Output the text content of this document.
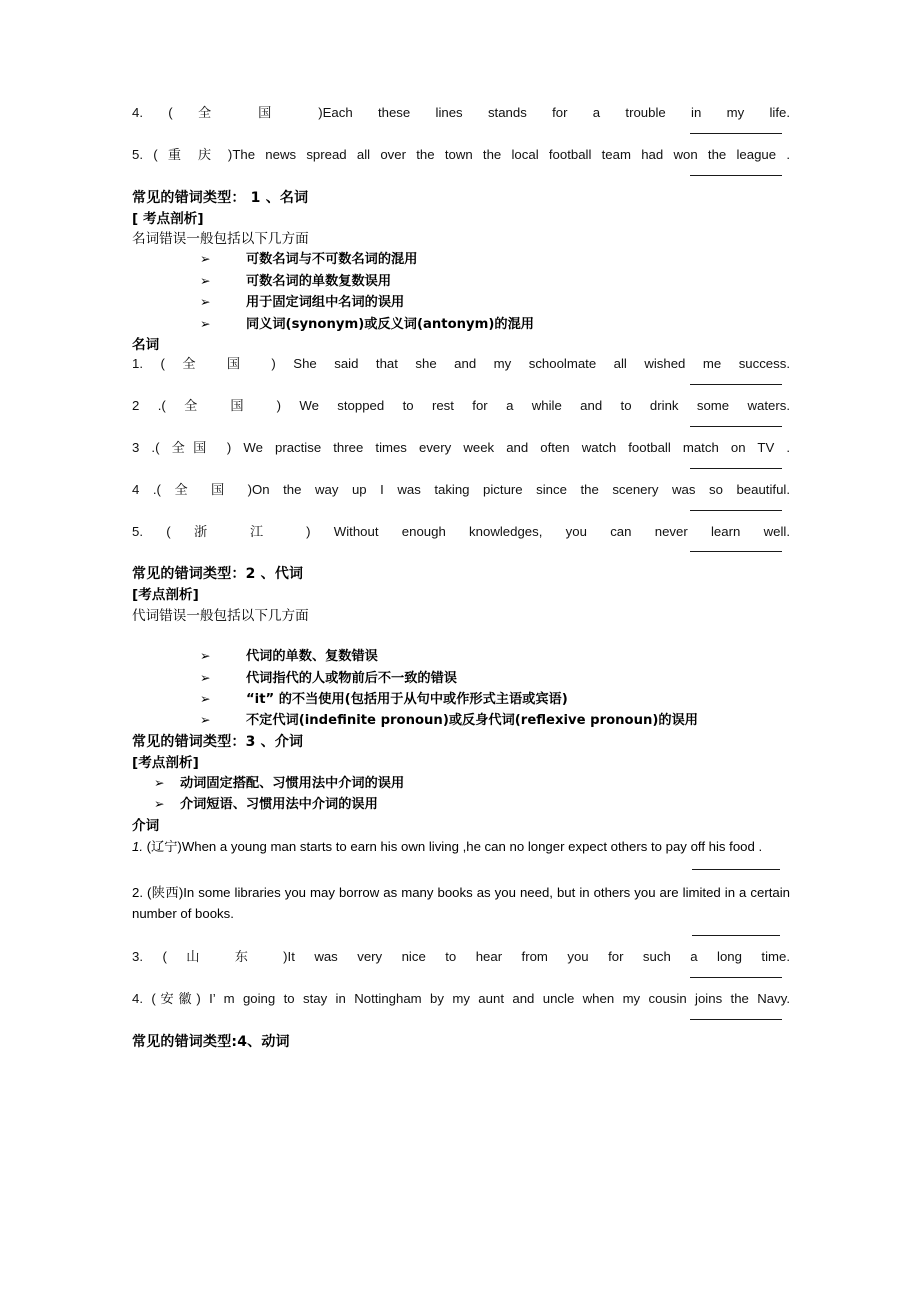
4. ( 全 国 )Each these lines stands for a trouble in my life.

5. ( 重 庆 )The news spread all over the town the local football team had won the league .

常见的错词类型： 1 、名词

[ 考点剖析]

名词错误一般包括以下几方面

➢	可数名词与不可数名词的混用
➢	可数名词的单数复数误用
➢	用于固定词组中名词的误用
➢	同义词(synonym)或反义词(antonym)的混用

名词

1. ( 全 国 ) She said that she and my schoolmate all wished me success.

2 .( 全 国 ) We stopped to rest for a while and to drink some waters.

3 .( 全国 ) We practise three times every week and often watch football match on TV .

4 .( 全 国 )On the way up I was taking picture since the scenery was so beautiful.

5. ( 浙 江 ) Without enough knowledges, you can never learn well.

常见的错词类型：2 、代词

[考点剖析]

代词错误一般包括以下几方面

➢	代词的单数、复数错误
➢	代词指代的人或物前后不一致的错误
➢	“it” 的不当使用(包括用于从句中或作形式主语或宾语)
➢	不定代词(indefinite pronoun)或反身代词(reflexive pronoun)的误用

常见的错词类型：3 、介词

[考点剖析]

➢	动词固定搭配、习惯用法中介词的误用
➢	介词短语、习惯用法中介词的误用

介词

1. (辽宁)When a young man starts to earn his own living ,he can no longer expect others to pay off his food .

2. (陕西)In some libraries you may borrow as many books as you need, but in others you are limited in a certain number of books.

3. ( 山 东 )It was very nice to hear from you for such a long time.

4. (安徽) I’ m going to stay in Nottingham by my aunt and uncle when my cousin joins the Navy.

常见的错词类型:4、动词
